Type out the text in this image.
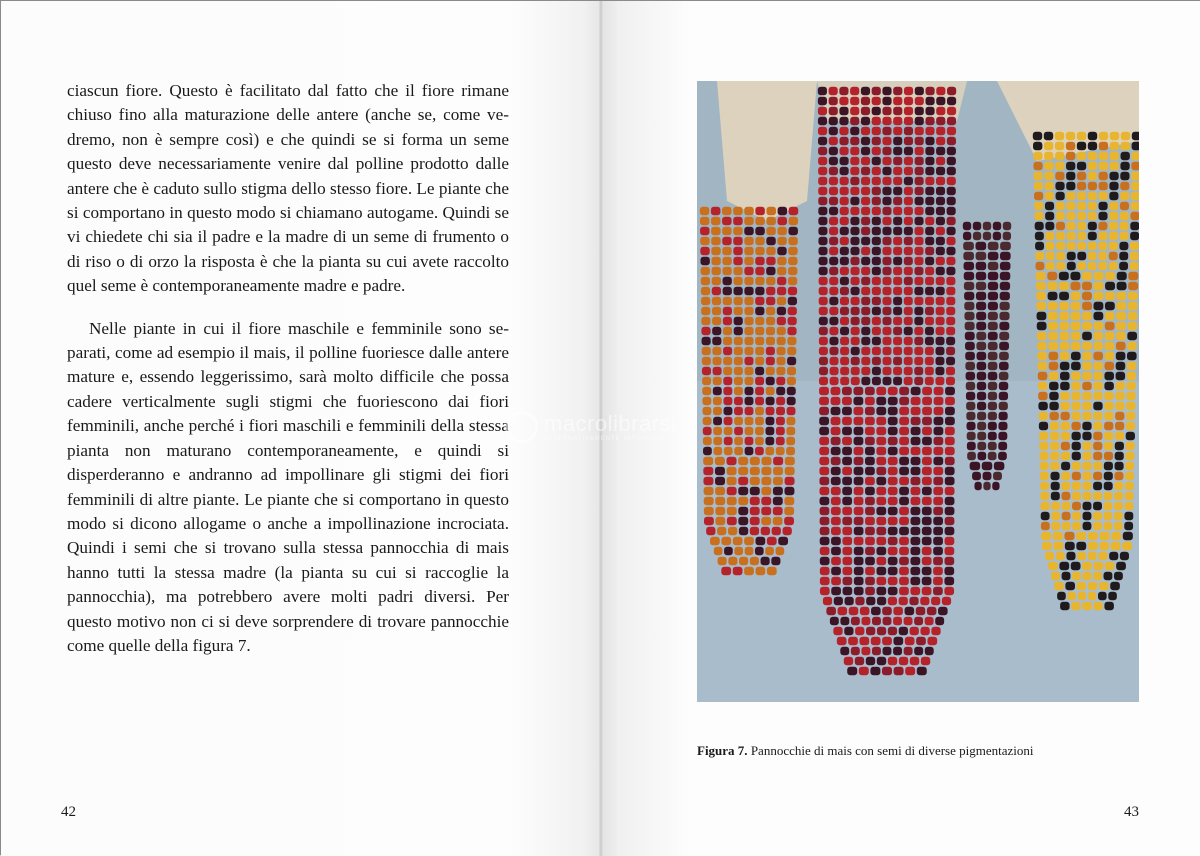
ciascun fiore. Questo è facilitato dal fatto che il fiore rimane chiuso fino alla maturazione delle antere (anche se, come vedremo, non è sempre così) e che quindi se si forma un seme questo deve necessariamente venire dal polline prodotto dalle antere che è caduto sullo stigma dello stesso fiore. Le piante che si comportano in questo modo si chiamano autogame. Quindi se vi chiedete chi sia il padre e la madre di un seme di frumento o di riso o di orzo la risposta è che la pianta su cui avete raccolto quel seme è contemporaneamente madre e padre.

Nelle piante in cui il fiore maschile e femminile sono separati, come ad esempio il mais, il polline fuoriesce dalle antere mature e, essendo leggerissimo, sarà molto difficile che possa cadere verticalmente sugli stigmi che fuoriescono dai fiori femminili, anche perché i fiori maschili e femminili della stessa pianta non maturano contemporaneamente, e quindi si disperderanno e andranno ad impollinare gli stigmi dei fiori femminili di altre piante. Le piante che si comportano in questo modo si dicono allogame o anche a impollinazione incrociata. Quindi i semi che si trovano sulla stessa pannocchia di mais hanno tutti la stessa madre (la pianta su cui si raccoglie la pannocchia), ma potrebbero avere molti padri diversi. Per questo motivo non ci si deve sorprendere di trovare pannocchie come quelle della figura 7.

42
Figura 7. Pannocchie di mais con semi di diverse pigmentazioni
43
macrolibrarsi
ALTERNATIVAMENTE INFORMATI
